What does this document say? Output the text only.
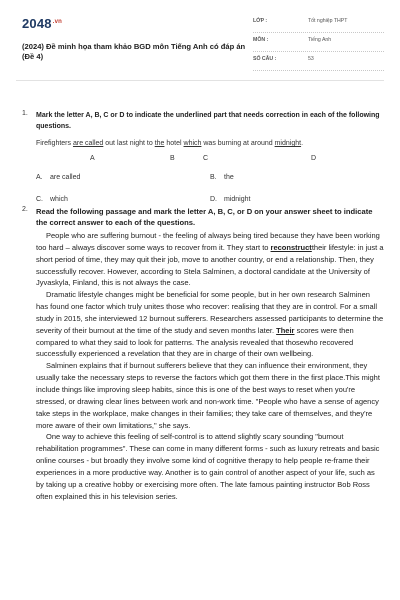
$2048^{.vn}$
(2024) Đề minh họa tham khảo BGD môn Tiếng Anh có đáp án (Đề 4)
LỚP :	Tốt nghiệp THPT
MÔN :	Tiếng Anh
SỐ CÂU :	53
1. Mark the letter A, B, C or D to indicate the underlined part that needs correction in each of the following questions.
Firefighters are called out last night to the hotel which was burning at around midnight.
A	B	C	D
A. are called	B. the
C. which	D. midnight
2. Read the following passage and mark the letter A, B, C, or D on your answer sheet to indicate the correct answer to each of the questions.

People who are suffering burnout - the feeling of always being tired because they have been working too hard – always discover some ways to recover from it. They start to reconstructtheir lifestyle: in just a short period of time, they may quit their job, move to another country, or end a relationship. Then, they successfully recover. However, according to Stela Salminen, a doctoral candidate at the University of Jyvaskyla, Finland, this is not always the case.

Dramatic lifestyle changes might be beneficial for some people, but in her own research Salminen has found one factor which truly unites those who recover: realising that they are in control. For a small study in 2015, she interviewed 12 burnout sufferers. Researchers assessed participants to determine the severity of their burnout at the time of the study and seven months later. Their scores were then compared to what they said to look for patterns. The analysis revealed that thosewho recovered successfully experienced a revelation that they are in charge of their own wellbeing.

Salminen explains that if burnout sufferers believe that they can influence their environment, they usually take the necessary steps to reverse the factors which got them there in the first place.This might include things like improving sleep habits, since this is one of the best ways to reset when you're stressed, or drawing clear lines between work and non-work time. "People who have a sense of agency take steps in the workplace, make changes in their families; they take care of themselves, and they're more aware of their own limitations," she says.

One way to achieve this feeling of self-control is to attend slightly scary sounding "burnout rehabilitation programmes". These can come in many different forms - such as luxury retreats and basic online courses - but broadly they involve some kind of cognitive therapy to help people re-frame their experiences in a more productive way. Another is to gain control of another aspect of your life, such as by taking up a creative hobby or exercising more often. The late famous painting instructor Bob Ross often explained this in his television series.
